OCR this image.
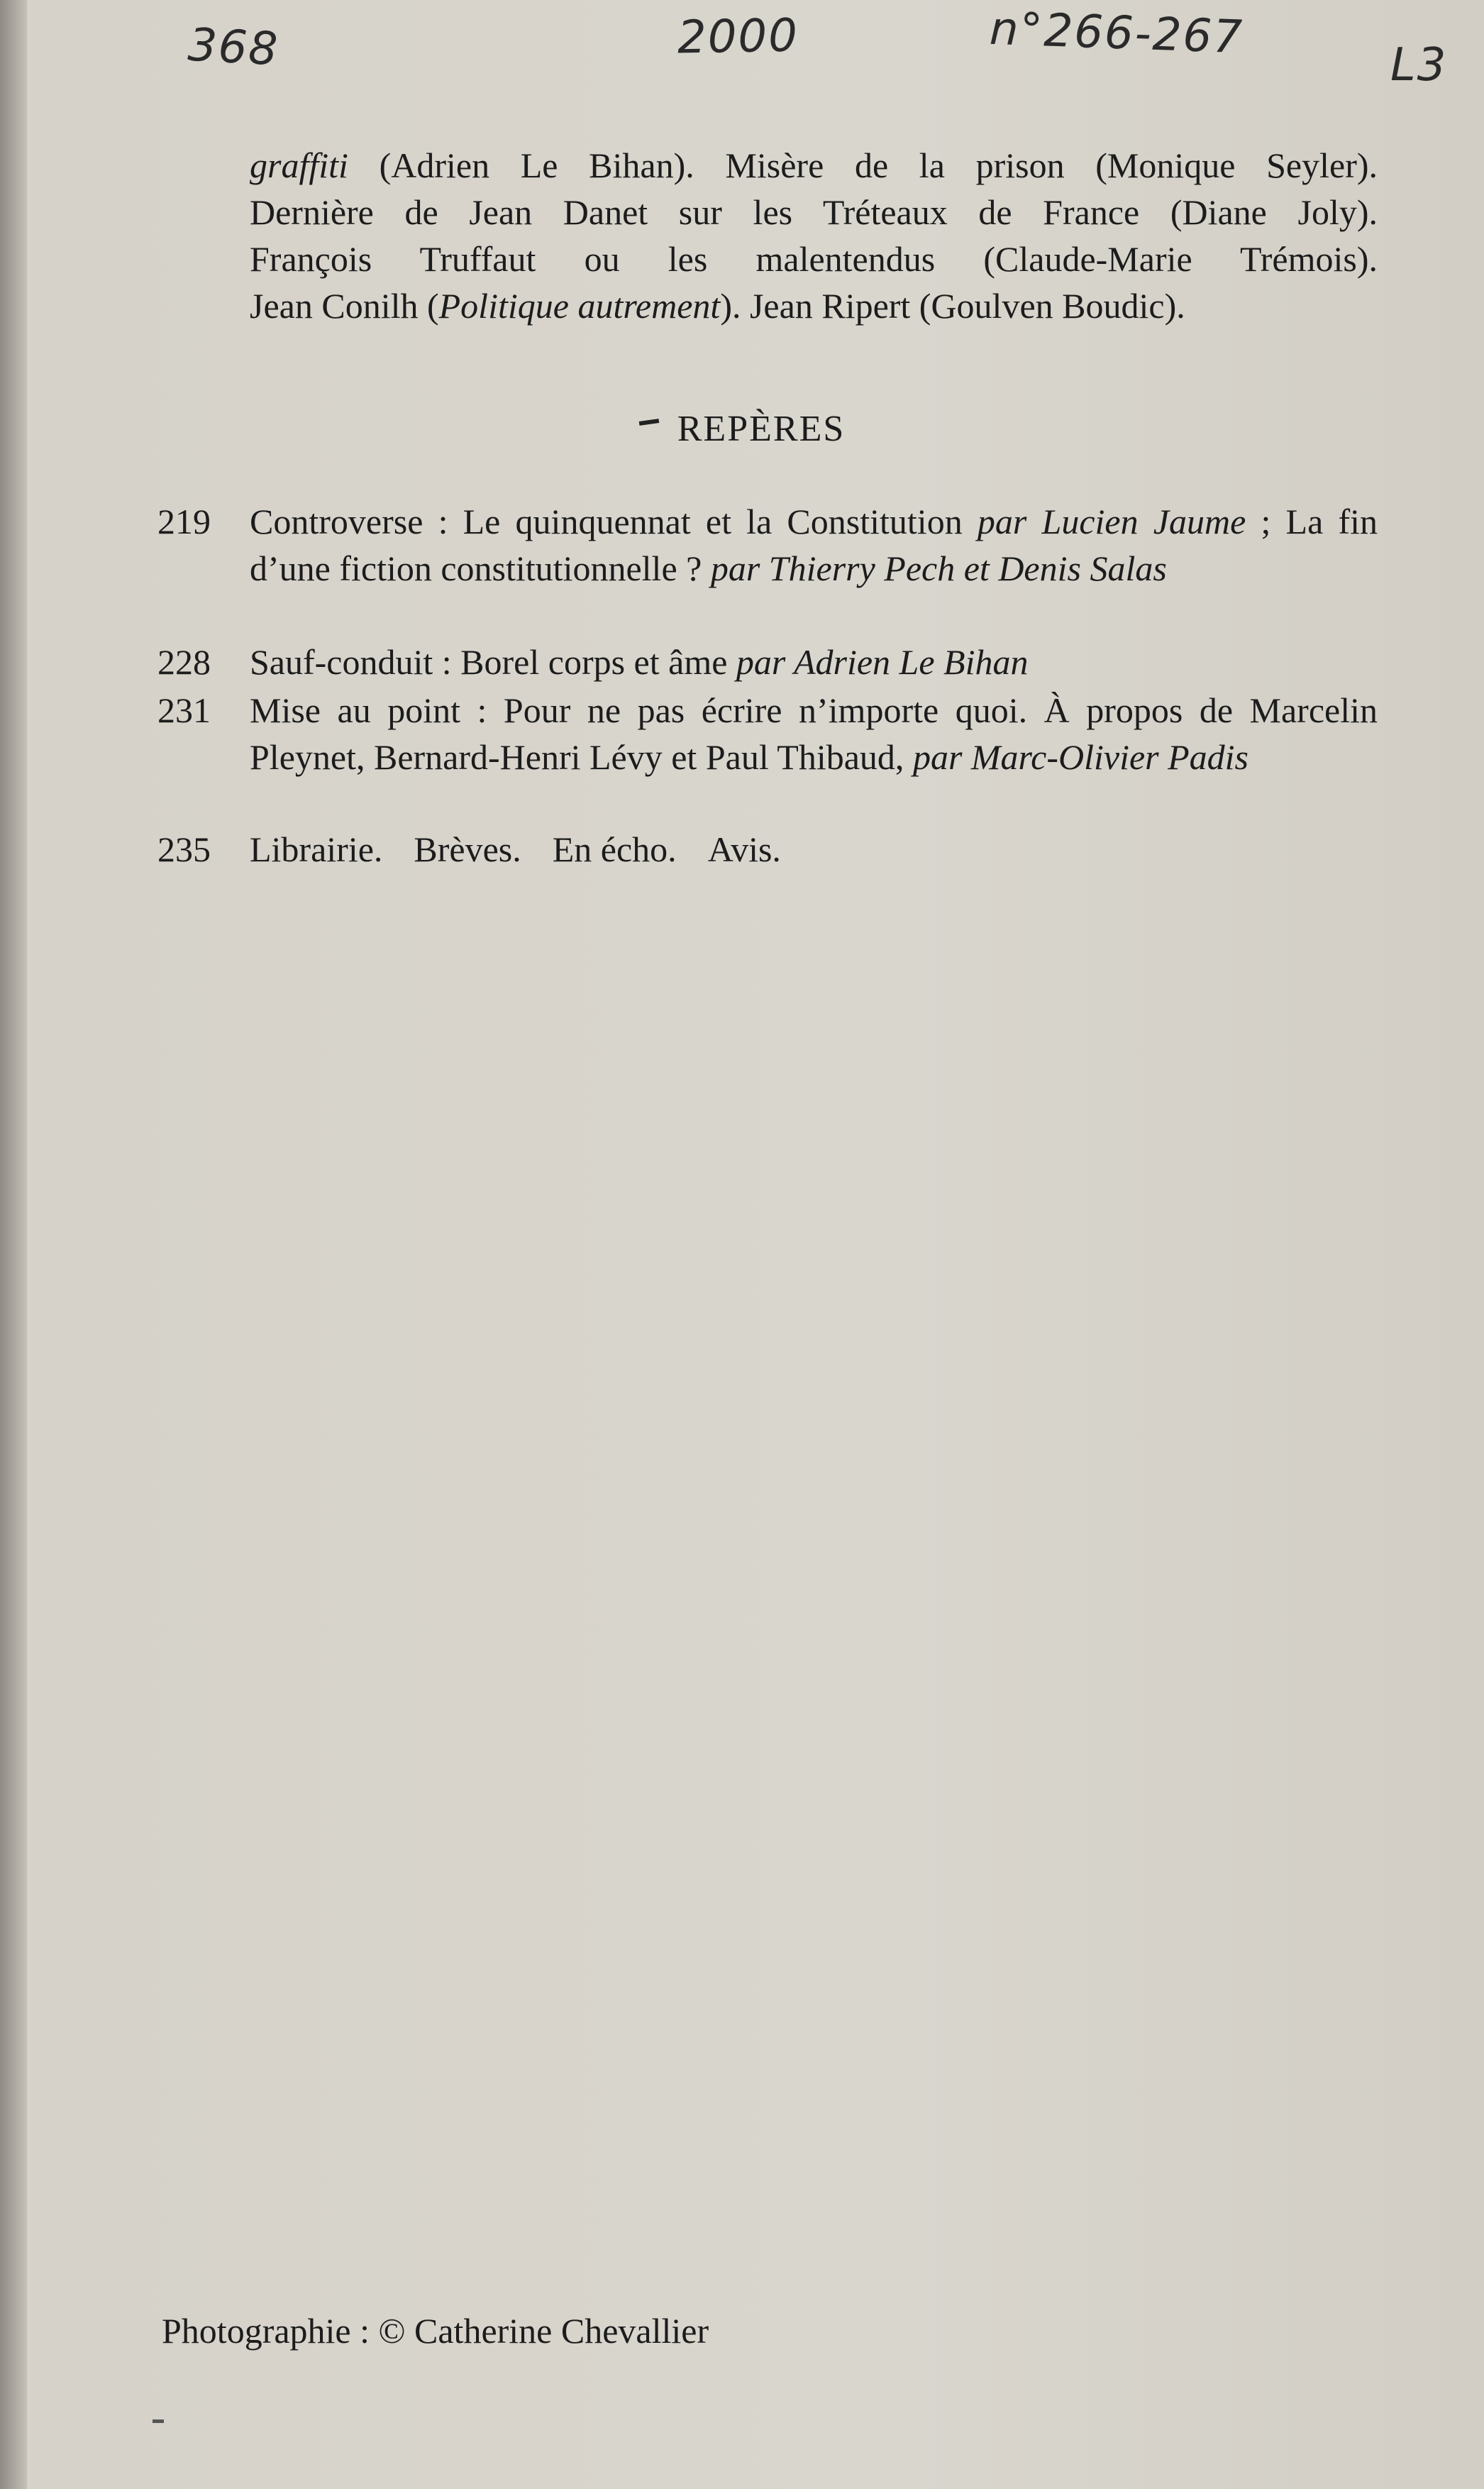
368	2000	n°266-267
L3
graffiti (Adrien Le Bihan). Misère de la prison (Monique Seyler).
Dernière de Jean Danet sur les Tréteaux de France (Diane Joly).
François Truffaut ou les malentendus (Claude-Marie Trémois).
Jean Conilh (Politique autrement). Jean Ripert (Goulven Boudic).
REPÈRES
219	Controverse : Le quinquennat et la Constitution par Lucien Jaume ; La fin d’une fiction constitutionnelle ? par Thierry Pech et Denis Salas
228	Sauf-conduit : Borel corps et âme par Adrien Le Bihan
231	Mise au point : Pour ne pas écrire n’importe quoi. À propos de Marcelin Pleynet, Bernard-Henri Lévy et Paul Thibaud, par Marc-Olivier Padis
235	Librairie. Brèves. En écho. Avis.
Photographie : © Catherine Chevallier
